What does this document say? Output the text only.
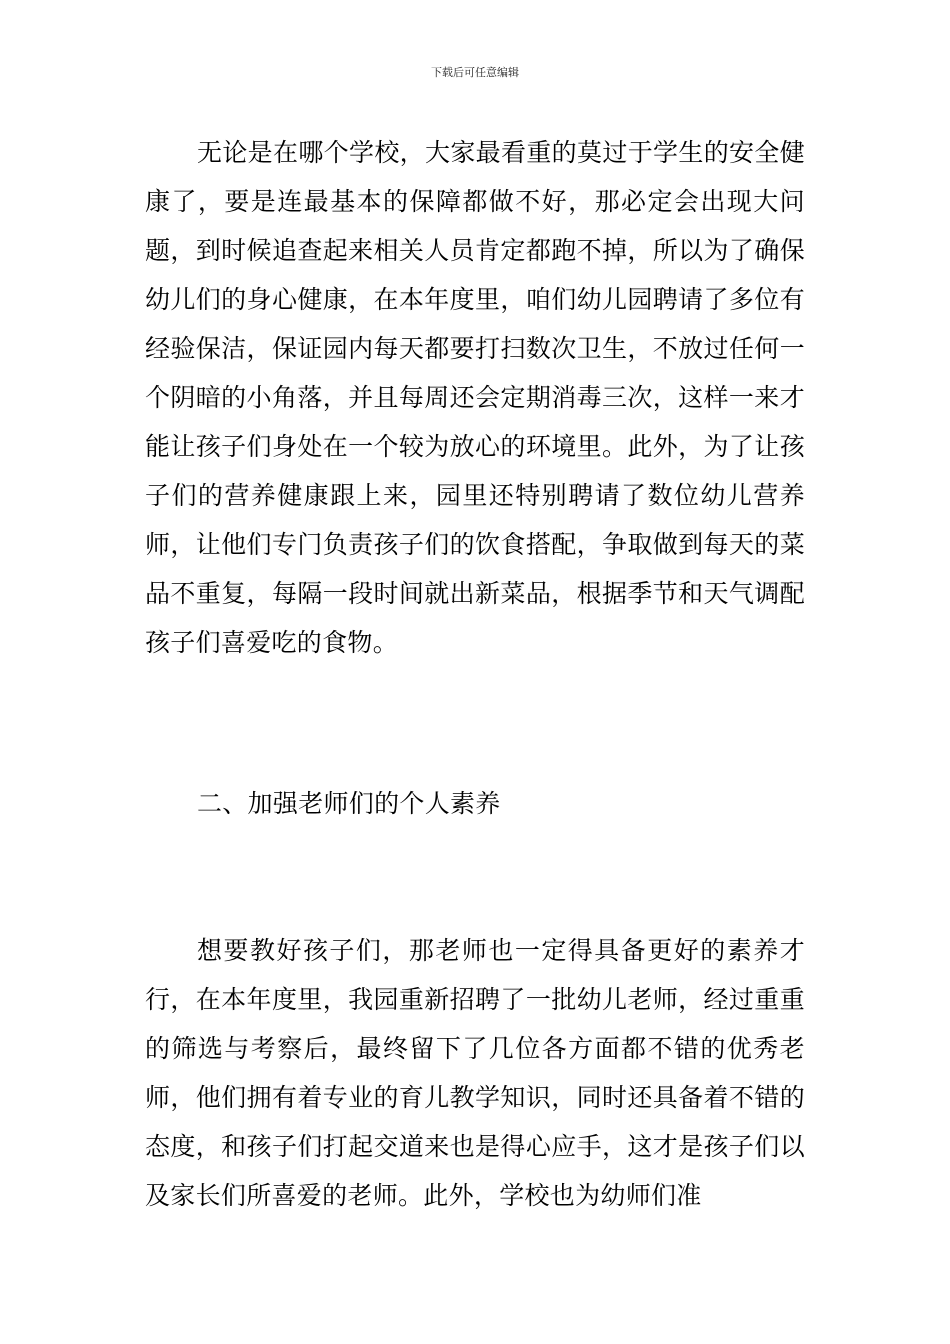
下载后可任意编辑

无论是在哪个学校，大家最看重的莫过于学生的安全健康了，要是连最基本的保障都做不好，那必定会出现大问题，到时候追查起来相关人员肯定都跑不掉，所以为了确保幼儿们的身心健康，在本年度里，咱们幼儿园聘请了多位有经验保洁，保证园内每天都要打扫数次卫生，不放过任何一个阴暗的小角落，并且每周还会定期消毒三次，这样一来才能让孩子们身处在一个较为放心的环境里。此外，为了让孩子们的营养健康跟上来，园里还特别聘请了数位幼儿营养师，让他们专门负责孩子们的饮食搭配，争取做到每天的菜品不重复，每隔一段时间就出新菜品，根据季节和天气调配孩子们喜爱吃的食物。

二、加强老师们的个人素养

想要教好孩子们，那老师也一定得具备更好的素养才行，在本年度里，我园重新招聘了一批幼儿老师，经过重重的筛选与考察后，最终留下了几位各方面都不错的优秀老师，他们拥有着专业的育儿教学知识，同时还具备着不错的态度，和孩子们打起交道来也是得心应手，这才是孩子们以及家长们所喜爱的老师。此外，学校也为幼师们准
